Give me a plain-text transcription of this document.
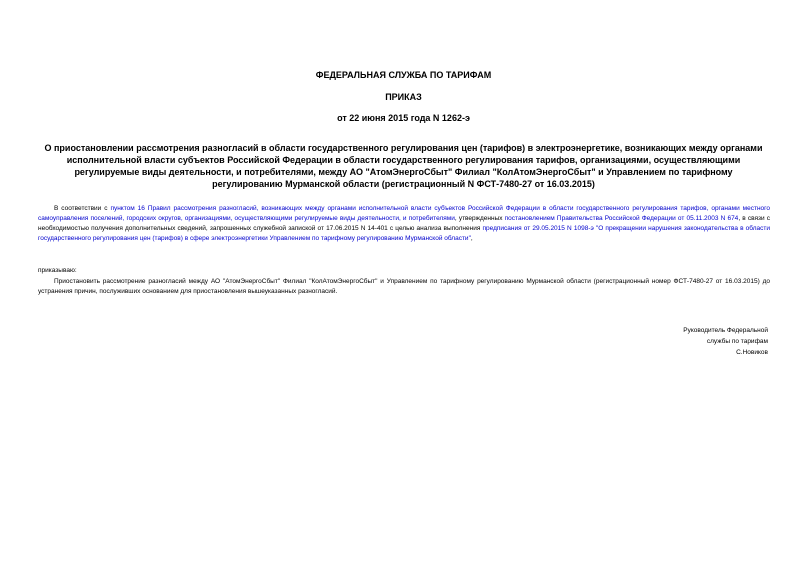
ФЕДЕРАЛЬНАЯ СЛУЖБА ПО ТАРИФАМ
ПРИКАЗ
от 22 июня 2015 года N 1262-э
О приостановлении рассмотрения разногласий в области государственного регулирования цен (тарифов) в электроэнергетике, возникающих между органами исполнительной власти субъектов Российской Федерации в области государственного регулирования тарифов, организациями, осуществляющими регулируемые виды деятельности, и потребителями, между АО "АтомЭнергоСбыт" Филиал "КолАтомЭнергоСбыт" и Управлением по тарифному регулированию Мурманской области (регистрационный N ФСТ-7480-27 от 16.03.2015)
В соответствии с пунктом 16 Правил рассмотрения разногласий, возникающих между органами исполнительной власти субъектов Российской Федерации в области государственного регулирования тарифов, органами местного самоуправления поселений, городских округов, организациями, осуществляющими регулируемые виды деятельности, и потребителями, утвержденных постановлением Правительства Российской Федерации от 05.11.2003 N 674, в связи с необходимостью получения дополнительных сведений, запрошенных служебной запиской от 17.06.2015 N 14-401 с целью анализа выполнения предписания от 29.05.2015 N 1098-э "О прекращении нарушения законодательства в области государственного регулирования цен (тарифов) в сфере электроэнергетики Управлением по тарифному регулированию Мурманской области",
приказываю:
Приостановить рассмотрение разногласий между АО "АтомЭнергоСбыт" Филиал "КолАтомЭнергоСбыт" и Управлением по тарифному регулированию Мурманской области (регистрационный номер ФСТ-7480-27 от 16.03.2015) до устранения причин, послуживших основанием для приостановления вышеуказанных разногласий.
Руководитель Федеральной
службы по тарифам
С.Новиков
